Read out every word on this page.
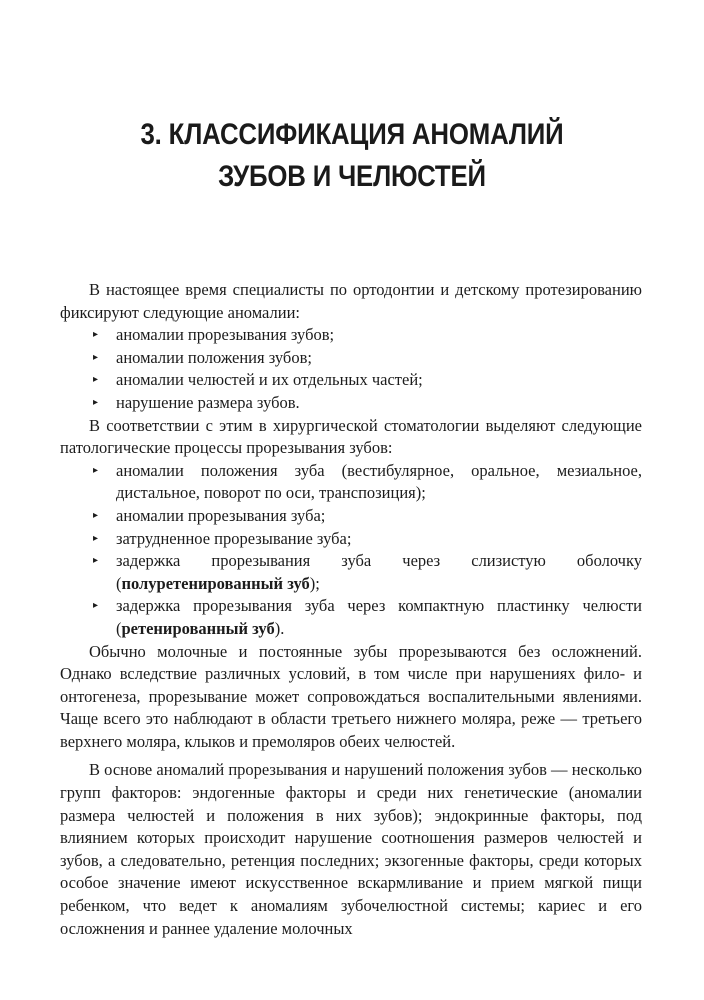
3. КЛАССИФИКАЦИЯ АНОМАЛИЙ
ЗУБОВ И ЧЕЛЮСТЕЙ

В настоящее время специалисты по ортодонтии и детскому протезированию фиксируют следующие аномалии:

▸ аномалии прорезывания зубов;
▸ аномалии положения зубов;
▸ аномалии челюстей и их отдельных частей;
▸ нарушение размера зубов.

В соответствии с этим в хирургической стоматологии выделяют следующие патологические процессы прорезывания зубов:

▸ аномалии положения зуба (вестибулярное, оральное, мезиальное, дистальное, поворот по оси, транспозиция);
▸ аномалии прорезывания зуба;
▸ затрудненное прорезывание зуба;
▸ задержка прорезывания зуба через слизистую оболочку (полуретенированный зуб);
▸ задержка прорезывания зуба через компактную пластинку челюсти (ретенированный зуб).

Обычно молочные и постоянные зубы прорезываются без осложнений. Однако вследствие различных условий, в том числе при нарушениях фило- и онтогенеза, прорезывание может сопровождаться воспалительными явлениями. Чаще всего это наблюдают в области третьего нижнего моляра, реже — третьего верхнего моляра, клыков и премоляров обеих челюстей.

В основе аномалий прорезывания и нарушений положения зубов — несколько групп факторов: эндогенные факторы и среди них генетические (аномалии размера челюстей и положения в них зубов); эндокринные факторы, под влиянием которых происходит нарушение соотношения размеров челюстей и зубов, а следовательно, ретенция последних; экзогенные факторы, среди которых особое значение имеют искусственное вскармливание и прием мягкой пищи ребенком, что ведет к аномалиям зубочелюстной системы; кариес и его осложнения и раннее удаление молочных
